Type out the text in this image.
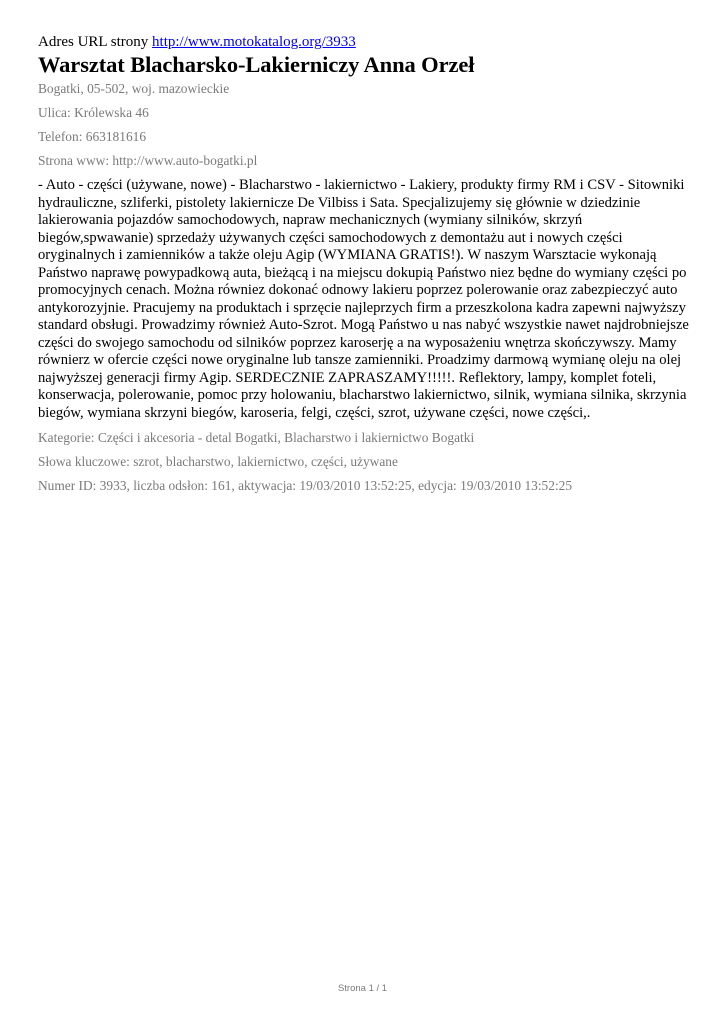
Adres URL strony http://www.motokatalog.org/3933

Warsztat Blacharsko-Lakierniczy Anna Orzeł

Bogatki, 05-502, woj. mazowieckie

Ulica: Królewska 46

Telefon: 663181616

Strona www: http://www.auto-bogatki.pl

- Auto - części (używane, nowe) - Blacharstwo - lakiernictwo - Lakiery, produkty firmy RM i CSV - Sitowniki hydrauliczne, szliferki, pistolety lakiernicze De Vilbiss i Sata. Specjalizujemy się głównie w dziedzinie lakierowania pojazdów samochodowych, napraw mechanicznych (wymiany silników, skrzyń biegów,spwawanie) sprzedaży używanych części samochodowych z demontażu aut i nowych części oryginalnych i zamienników a także oleju Agip (WYMIANA GRATIS!). W naszym Warsztacie wykonają Państwo naprawę powypadkową auta, bieżącą i na miejscu dokupią Państwo niez będne do wymiany części po promocyjnych cenach. Można równiez dokonać odnowy lakieru poprzez polerowanie oraz zabezpieczyć auto antykorozyjnie. Pracujemy na produktach i sprzęcie najleprzych firm a przeszkolona kadra zapewni najwyższy standard obsługi. Prowadzimy również Auto-Szrot. Mogą Państwo u nas nabyć wszystkie nawet najdrobniejsze części do swojego samochodu od silników poprzez karoserję a na wyposażeniu wnętrza skończywszy. Mamy równierz w ofercie części nowe oryginalne lub tansze zamienniki. Proadzimy darmową wymianę oleju na olej najwyższej generacji firmy Agip. SERDECZNIE ZAPRASZAMY!!!!!. Reflektory, lampy, komplet foteli, konserwacja, polerowanie, pomoc przy holowaniu, blacharstwo lakiernictwo, silnik, wymiana silnika, skrzynia biegów, wymiana skrzyni biegów, karoseria, felgi, części, szrot, używane części, nowe części,.

Kategorie: Części i akcesoria - detal Bogatki, Blacharstwo i lakiernictwo Bogatki

Słowa kluczowe: szrot, blacharstwo, lakiernictwo, części, używane

Numer ID: 3933, liczba odsłon: 161, aktywacja: 19/03/2010 13:52:25, edycja: 19/03/2010 13:52:25

Strona 1 / 1
